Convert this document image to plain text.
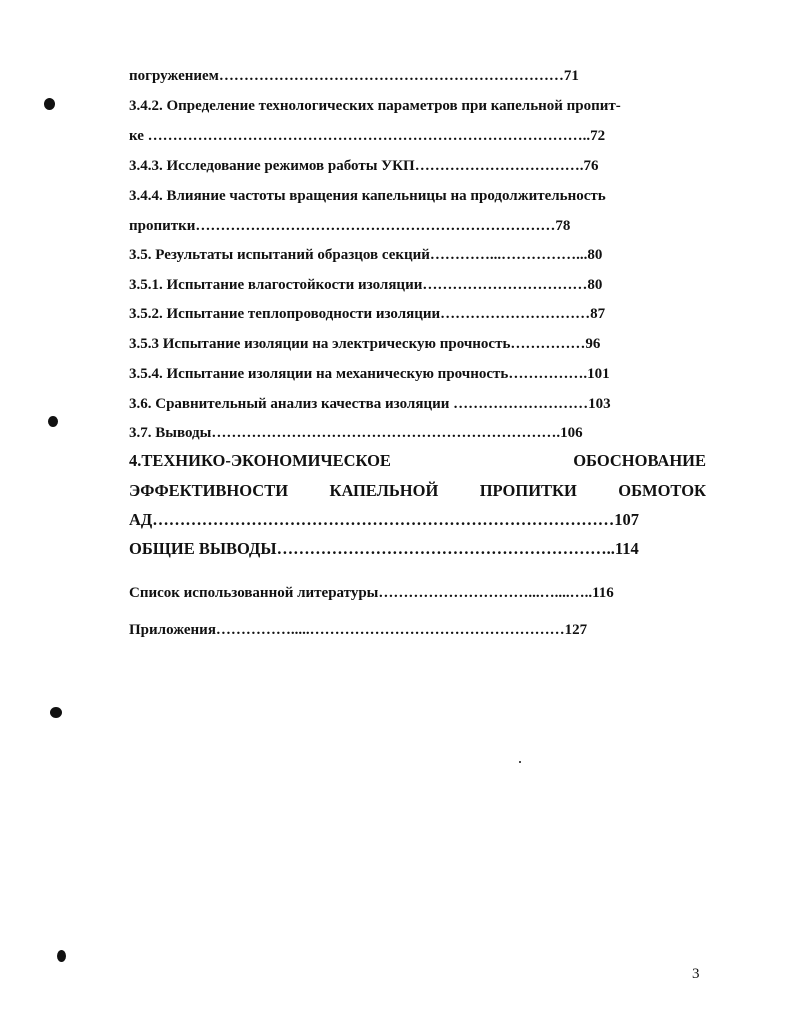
погружением……………………………………………………………71
3.4.2. Определение технологических параметров при капельной пропит-
ке ……………………………………………………………………………..72
3.4.3. Исследование режимов работы УКП…………………………….76
3.4.4. Влияние частоты вращения капельницы на продолжительность
пропитки………………………………………………………………78
3.5. Результаты испытаний образцов секций…………...……………...80
3.5.1. Испытание влагостойкости изоляции……………………………80
3.5.2. Испытание теплопроводности изоляции…………………………87
3.5.3 Испытание изоляции на электрическую прочность……………96
3.5.4. Испытание изоляции на механическую прочность…………….101
3.6. Сравнительный анализ качества изоляции ………………………103
3.7. Выводы…………………………………………………………….106
4.ТЕХНИКО-ЭКОНОМИЧЕСКОЕ	ОБОСНОВАНИЕ
ЭФФЕКТИВНОСТИ	КАПЕЛЬНОЙ	ПРОПИТКИ	ОБМОТОК
АД…………………………………………………………………………107
ОБЩИЕ ВЫВОДЫ……………………………………………………..114
Список использованной литературы…………………………...…....…..116
Приложения…………….....……………………………………………127
3
